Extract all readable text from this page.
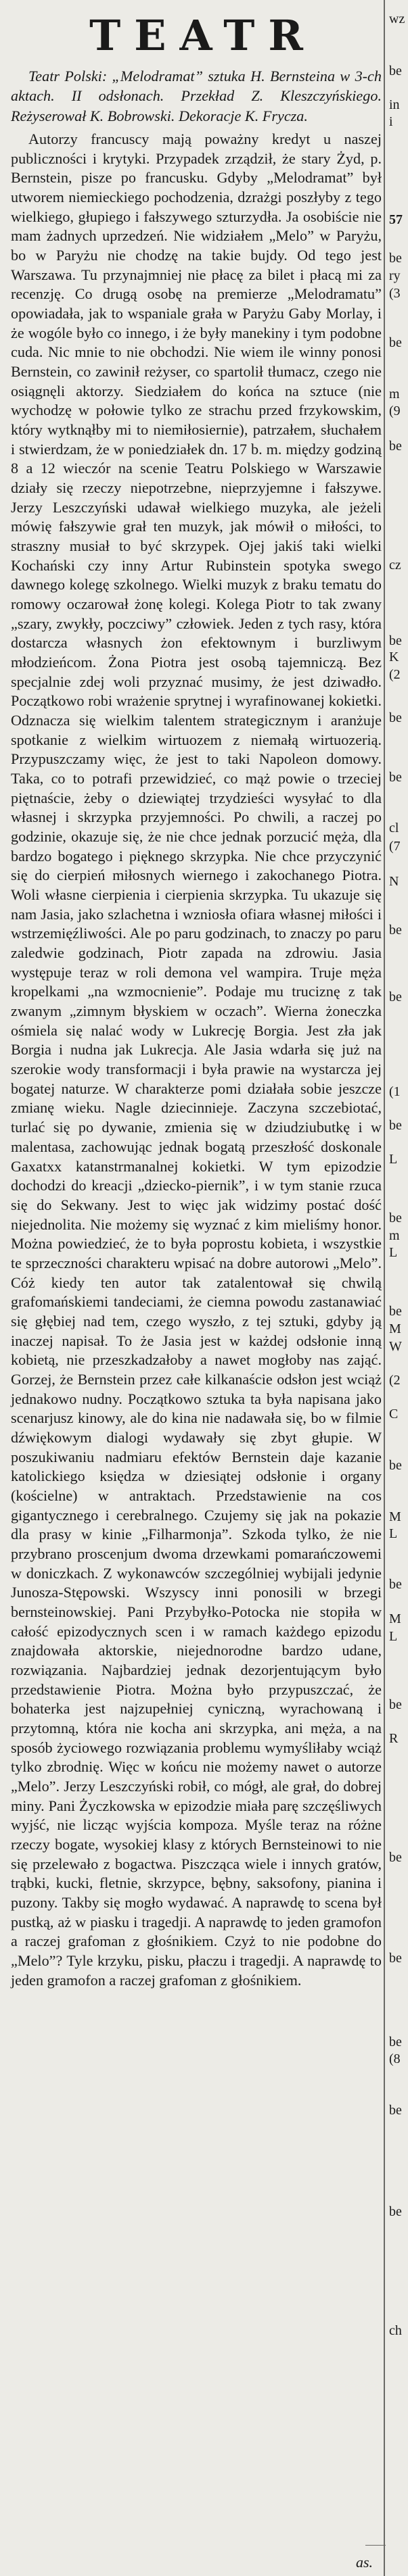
TEATR

Teatr Polski: „Melodramat” sztuka H. Bernsteina w 3-ch aktach. II odsłonach. Przekład Z. Kleszczyńskiego. Reżyserował K. Bobrowski. Dekoracje K. Frycza.

Autorzy francuscy mają poważny kredyt u naszej publiczności i krytyki. Przypadek zrządził, że stary Żyd, p. Bernstein, pisze po francusku. Gdyby „Melodramat” był utworem niemieckiego pochodzenia, dzrażgi poszłyby z tego wielkiego, głupiego i fałszywego szturzydła. Ja osobiście nie mam żadnych uprzedzeń. Nie widziałem „Melo” w Paryżu, bo w Paryżu nie chodzę na takie bujdy. Od tego jest Warszawa. Tu przynajmniej nie płacę za bilet i płacą mi za recenzję. Co drugą osobę na premierze „Melodramatu” opowiadała, jak to wspaniale grała w Paryżu Gaby Morlay, i że wogóle było co innego, i że były manekiny i tym podobne cuda. Nic mnie to nie obchodzi. Nie wiem ile winny ponosi Bernstein, co zawinił reżyser, co spartolił tłumacz, czego nie osiągnęli aktorzy. Siedziałem do końca na sztuce (nie wychodzę w połowie tylko ze strachu przed frzykowskim, który wytknąłby mi to niemiłosiernie), patrzałem, słuchałem i stwierdzam, że w poniedziałek dn. 17 b. m. między godziną 8 a 12 wieczór na scenie Teatru Polskiego w Warszawie działy się rzeczy niepotrzebne, nieprzyjemne i fałszywe. Jerzy Leszczyński udawał wielkiego muzyka, ale jeżeli mówię fałszywie grał ten muzyk, jak mówił o miłości, to straszny musiał to być skrzypek. Ojej jakiś taki wielki Kochański czy inny Artur Rubinstein spotyka swego dawnego kolegę szkolnego. Wielki muzyk z braku tematu do romowy oczarował żonę kolegi. Kolega Piotr to tak zwany „szary, zwykły, poczciwy” człowiek. Jeden z tych rasy, która dostarcza własnych żon efektownym i burzliwym młodzieńcom. Żona Piotra jest osobą tajemniczą. Bez specjalnie zdej woli przyznać musimy, że jest dziwadło. Początkowo robi wrażenie sprytnej i wyrafinowanej kokietki. Odznacza się wielkim talentem strategicznym i aranżuje spotkanie z wielkim wirtuozem z niemałą wirtuozerią. Przypuszczamy więc, że jest to taki Napoleon domowy. Taka, co to potrafi przewidzieć, co mąż powie o trzeciej piętnaście, żeby o dziewiątej trzydzieści wysyłać to dla własnej i skrzypka przyjemności. Po chwili, a raczej po godzinie, okazuje się, że nie chce jednak porzucić męża, dla bardzo bogatego i pięknego skrzypka. Nie chce przyczynić się do cierpień miłosnych wiernego i zakochanego Piotra. Woli własne cierpienia i cierpienia skrzypka. Tu ukazuje się nam Jasia, jako szlachetna i wzniosła ofiara własnej miłości i wstrzemięźliwości. Ale po paru godzinach, to znaczy po paru zaledwie godzinach, Piotr zapada na zdrowiu. Jasia występuje teraz w roli demona vel wampira. Truje męża kropelkami „na wzmocnienie”. Podaje mu truciznę z tak zwanym „zimnym błyskiem w oczach”. Wierna żoneczka ośmiela się nalać wody w Lukrecję Borgia. Jest zła jak Borgia i nudna jak Lukrecja. Ale Jasia wdarła się już na szerokie wody transformacji i była prawie na wystarcza jej bogatej naturze. W charakterze pomi działała sobie jeszcze zmianę wieku. Nagle dziecinnieje. Zaczyna szczebiotać, turlać się po dywanie, zmienia się w dziudziubutkę i w malentasa, zachowując jednak bogatą przeszłość doskonale Gaxatxx katanstrmanalnej kokietki. W tym epizodzie dochodzi do kreacji „dziecko-piernik”, i w tym stanie rzuca się do Sekwany. Jest to więc jak widzimy postać dość niejednolita. Nie możemy się wyznać z kim mieliśmy honor. Można powiedzieć, że to była poprostu kobieta, i wszystkie te sprzeczności charakteru wpisać na dobre autorowi „Melo”. Cóż kiedy ten autor tak zatalentował się chwilą grafomańskiemi tandeciami, że ciemna powodu zastanawiać się głębiej nad tem, czego wyszło, z tej sztuki, gdyby ją inaczej napisał. To że Jasia jest w każdej odsłonie inną kobietą, nie przeszkadzałoby a nawet mogłoby nas zająć. Gorzej, że Bernstein przez całe kilkanaście odsłon jest wciąż jednakowo nudny. Początkowo sztuka ta była napisana jako scenarjusz kinowy, ale do kina nie nadawała się, bo w filmie dźwiękowym dialogi wydawały się zbyt głupie. W poszukiwaniu nadmiaru efektów Bernstein daje kazanie katolickiego księdza w dziesiątej odsłonie i organy (kościelne) w antraktach. Przedstawienie na cos gigantycznego i cerebralnego. Czujemy się jak na pokazie dla prasy w kinie „Filharmonja”. Szkoda tylko, że nie przybrano proscenjum dwoma drzewkami pomarańczowemi w doniczkach. Z wykonawców szczególniej wybijali jedynie Junosza-Stępowski. Wszyscy inni ponosili w brzegi bernsteinowskiej. Pani Przybyłko-Potocka nie stopiła w całość epizodycznych scen i w ramach każdego epizodu znajdowała aktorskie, niejednorodne bardzo udane, rozwiązania. Najbardziej jednak dezorjentującym było przedstawienie Piotra. Można było przypuszczać, że bohaterka jest najzupełniej cyniczną, wyrachowaną i przytomną, która nie kocha ani skrzypka, ani męża, a na sposób życiowego rozwiązania problemu wymyśliłaby wciąż tylko zbrodnię. Więc w końcu nie możemy nawet o autorze „Melo”. Jerzy Leszczyński robił, co mógł, ale grał, do dobrej miny. Pani Życzkowska w epizodzie miała parę szczęśliwych wyjść, nie licząc wyjścia kompoza. Myśle teraz na różne rzeczy bogate, wysokiej klasy z których Bernsteinowi to nie się przelewało z bogactwa. Piszcząca wiele i innych gratów, trąbki, kucki, fletnie, skrzypce, bębny, saksofony, pianina i puzony. Takby się mogło wydawać. A naprawdę to scena był pustką, aż w piasku i tragedji. A naprawdę to jeden gramofon a raczej grafoman z głośnikiem. Czyż to nie podobne do „Melo”? Tyle krzyku, pisku, płaczu i tragedji. A naprawdę to jeden gramofon a raczej grafoman z głośnikiem.

wz
be
in
i
57
be
ry
(3
be
m
(9
be
cz
be
K
(2
be
be
cl
(7
N
be
be
(1
be
L
be
m
L
be
M
W
(2
C
be
M
L
be
M
L
be
R
be
be
be
(8
be
be
ch
as.
